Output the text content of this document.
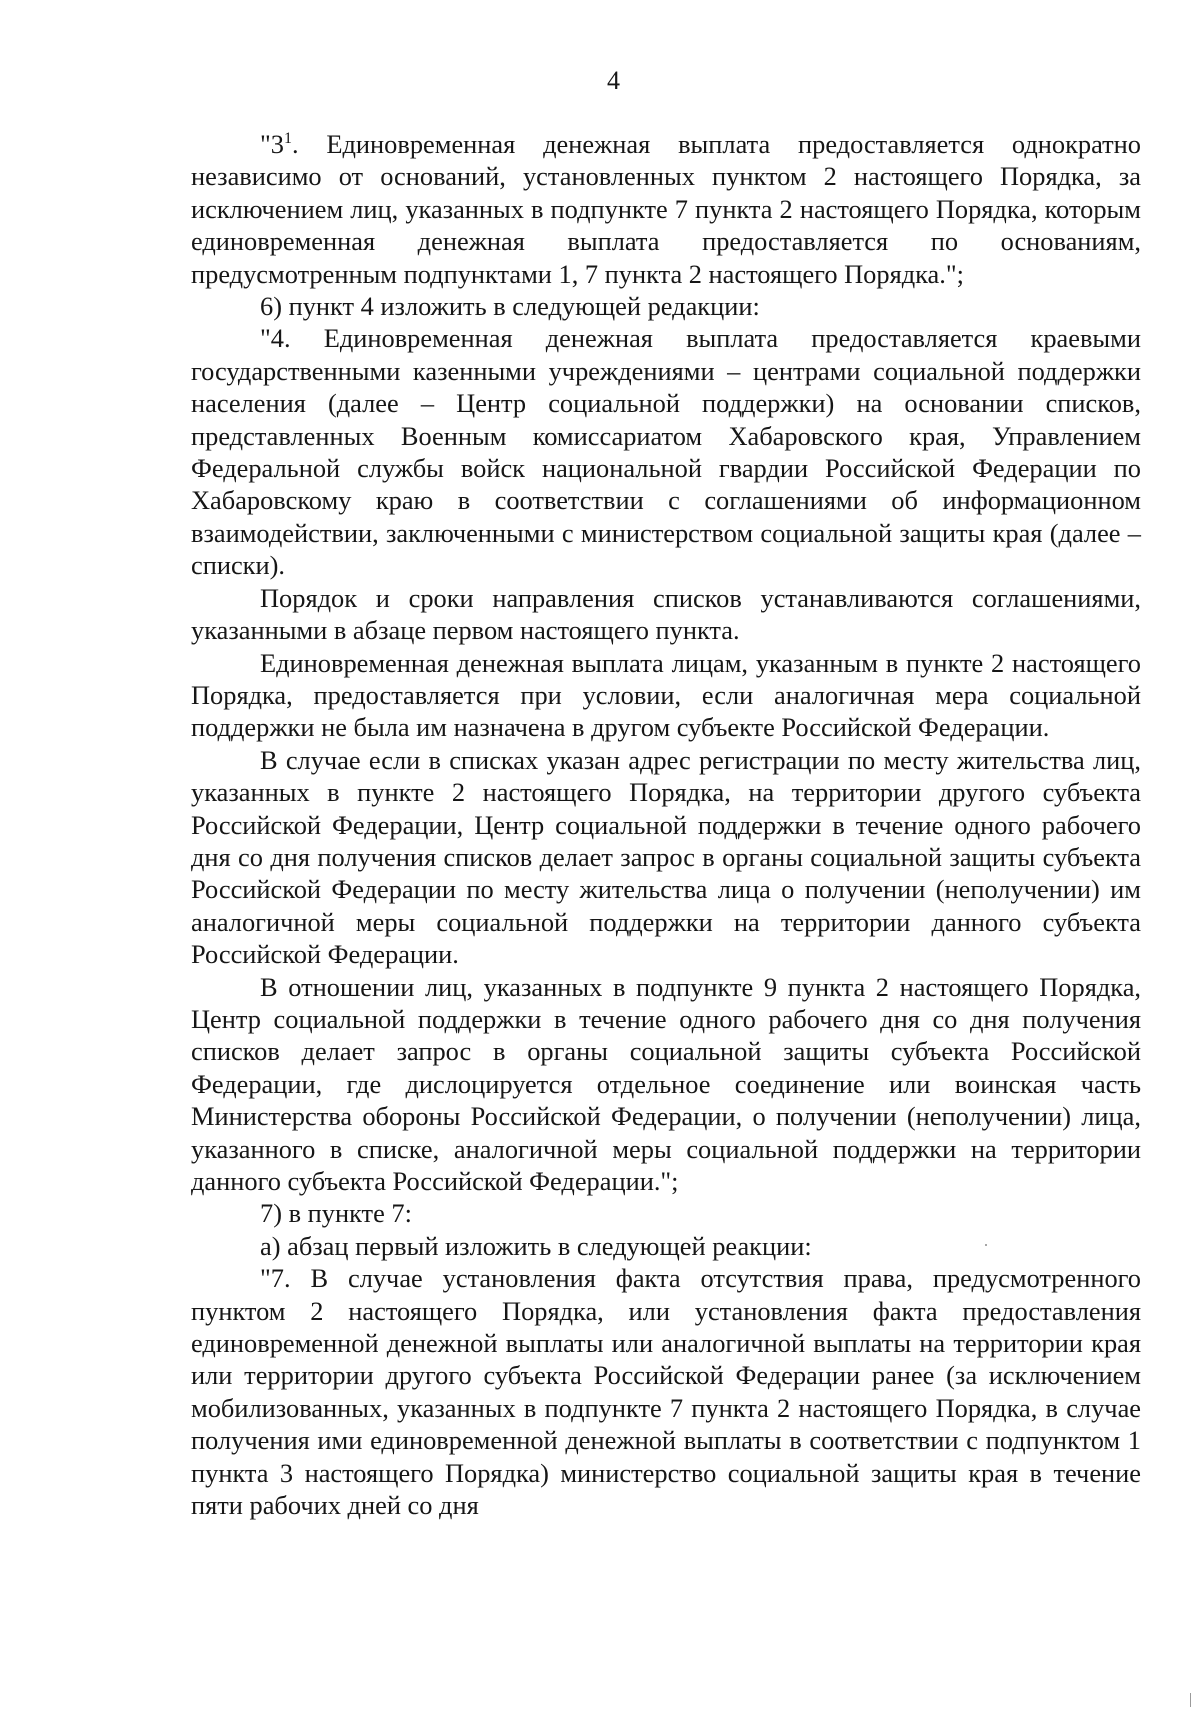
4

"$3^1$. Единовременная денежная выплата предоставляется однократно независимо от оснований, установленных пунктом 2 настоящего Порядка, за исключением лиц, указанных в подпункте 7 пункта 2 настоящего Порядка, которым единовременная денежная выплата предоставляется по основаниям, предусмотренным подпунктами 1, 7 пункта 2 настоящего Порядка.";

6) пункт 4 изложить в следующей редакции:

"4. Единовременная денежная выплата предоставляется краевыми государственными казенными учреждениями – центрами социальной поддержки населения (далее – Центр социальной поддержки) на основании списков, представленных Военным комиссариатом Хабаровского края, Управлением Федеральной службы войск национальной гвардии Российской Федерации по Хабаровскому краю в соответствии с соглашениями об информационном взаимодействии, заключенными с министерством социальной защиты края (далее – списки).

Порядок и сроки направления списков устанавливаются соглашениями, указанными в абзаце первом настоящего пункта.

Единовременная денежная выплата лицам, указанным в пункте 2 настоящего Порядка, предоставляется при условии, если аналогичная мера социальной поддержки не была им назначена в другом субъекте Российской Федерации.

В случае если в списках указан адрес регистрации по месту жительства лиц, указанных в пункте 2 настоящего Порядка, на территории другого субъекта Российской Федерации, Центр социальной поддержки в течение одного рабочего дня со дня получения списков делает запрос в органы социальной защиты субъекта Российской Федерации по месту жительства лица о получении (неполучении) им аналогичной меры социальной поддержки на территории данного субъекта Российской Федерации.

В отношении лиц, указанных в подпункте 9 пункта 2 настоящего Порядка, Центр социальной поддержки в течение одного рабочего дня со дня получения списков делает запрос в органы социальной защиты субъекта Российской Федерации, где дислоцируется отдельное соединение или воинская часть Министерства обороны Российской Федерации, о получении (неполучении) лица, указанного в списке, аналогичной меры социальной поддержки на территории данного субъекта Российской Федерации.";

7) в пункте 7:

а) абзац первый изложить в следующей реакции:

"7. В случае установления факта отсутствия права, предусмотренного пунктом 2 настоящего Порядка, или установления факта предоставления единовременной денежной выплаты или аналогичной выплаты на территории края или территории другого субъекта Российской Федерации ранее (за исключением мобилизованных, указанных в подпункте 7 пункта 2 настоящего Порядка, в случае получения ими единовременной денежной выплаты в соответствии с подпунктом 1 пункта 3 настоящего Порядка) министерство социальной защиты края в течение пяти рабочих дней со дня
